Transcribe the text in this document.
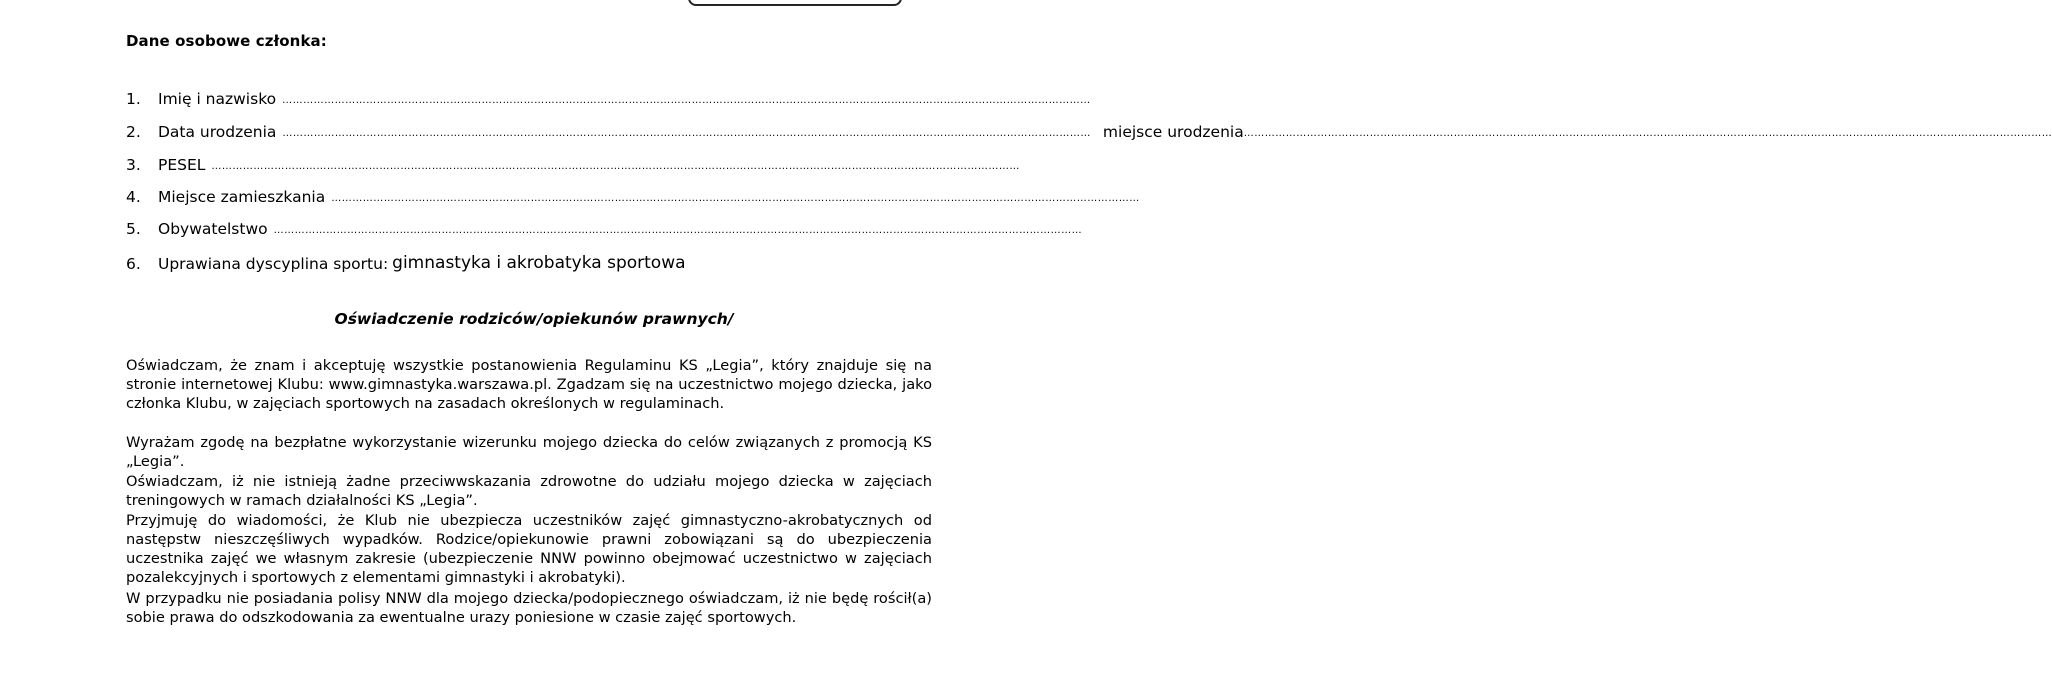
Dane osobowe członka:
1.	Imię i nazwisko ……………………………………………………………………………………………………………………………………………………………………………………………………………
2.	Data urodzenia …………………………………………………………………………………………………………………………………………………………………………………………………………… miejsce urodzenia ……………………………………………………………………………………………………………………………………………………………………………………………………………
3.	PESEL ……………………………………………………………………………………………………………………………………………………………………………………………………………
4.	Miejsce zamieszkania ……………………………………………………………………………………………………………………………………………………………………………………………………………
5.	Obywatelstwo ……………………………………………………………………………………………………………………………………………………………………………………………………………
6.	Uprawiana dyscyplina sportu: gimnastyka i akrobatyka sportowa
Oświadczenie rodziców/opiekunów prawnych/

Oświadczam, że znam i akceptuję wszystkie postanowienia Regulaminu KS „Legia”, który znajduje się na stronie internetowej Klubu: www.gimnastyka.warszawa.pl. Zgadzam się na uczestnictwo mojego dziecka, jako członka Klubu, w zajęciach sportowych na zasadach określonych w regulaminach.

Wyrażam zgodę na bezpłatne wykorzystanie wizerunku mojego dziecka do celów związanych z promocją KS „Legia”.

Oświadczam, iż nie istnieją żadne przeciwwskazania zdrowotne do udziału mojego dziecka w zajęciach treningowych w ramach działalności KS „Legia”.

Przyjmuję do wiadomości, że Klub nie ubezpiecza uczestników zajęć gimnastyczno-akrobatycznych od następstw nieszczęśliwych wypadków. Rodzice/opiekunowie prawni zobowiązani są do ubezpieczenia uczestnika zajęć we własnym zakresie (ubezpieczenie NNW powinno obejmować uczestnictwo w zajęciach pozalekcyjnych i sportowych z elementami gimnastyki i akrobatyki).

W przypadku nie posiadania polisy NNW dla mojego dziecka/podopiecznego oświadczam, iż nie będę rościł(a) sobie prawa do odszkodowania za ewentualne urazy poniesione w czasie zajęć sportowych.
